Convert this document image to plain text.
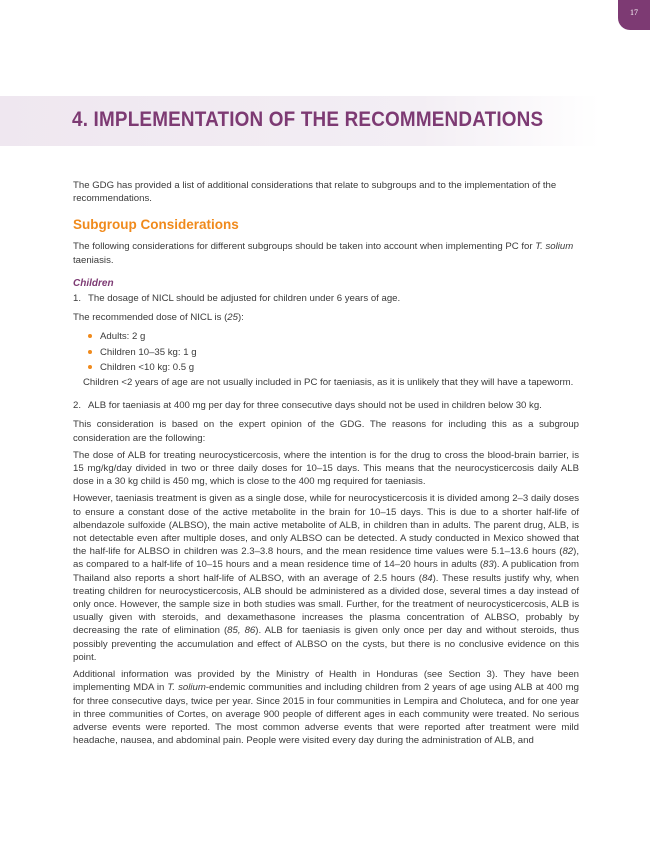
17
4. IMPLEMENTATION OF THE RECOMMENDATIONS

The GDG has provided a list of additional considerations that relate to subgroups and to the implementation of the recommendations.

Subgroup Considerations

The following considerations for different subgroups should be taken into account when implementing PC for T. solium taeniasis.

Children
1. The dosage of NICL should be adjusted for children under 6 years of age.

The recommended dose of NICL is (25):

Adults: 2 g
Children 10–35 kg: 1 g
Children <10 kg: 0.5 g

Children <2 years of age are not usually included in PC for taeniasis, as it is unlikely that they will have a tapeworm.

2. ALB for taeniasis at 400 mg per day for three consecutive days should not be used in children below 30 kg.

This consideration is based on the expert opinion of the GDG. The reasons for including this as a subgroup consideration are the following:

The dose of ALB for treating neurocysticercosis, where the intention is for the drug to cross the blood-brain barrier, is 15 mg/kg/day divided in two or three daily doses for 10–15 days. This means that the neurocysticercosis daily ALB dose in a 30 kg child is 450 mg, which is close to the 400 mg required for taeniasis.

However, taeniasis treatment is given as a single dose, while for neurocysticercosis it is divided among 2–3 daily doses to ensure a constant dose of the active metabolite in the brain for 10–15 days. This is due to a shorter half-life of albendazole sulfoxide (ALBSO), the main active metabolite of ALB, in children than in adults. The parent drug, ALB, is not detectable even after multiple doses, and only ALBSO can be detected. A study conducted in Mexico showed that the half-life for ALBSO in children was 2.3–3.8 hours, and the mean residence time values were 5.1–13.6 hours (82), as compared to a half-life of 10–15 hours and a mean residence time of 14–20 hours in adults (83). A publication from Thailand also reports a short half-life of ALBSO, with an average of 2.5 hours (84). These results justify why, when treating children for neurocysticercosis, ALB should be administered as a divided dose, several times a day instead of only once. However, the sample size in both studies was small. Further, for the treatment of neurocysticercosis, ALB is usually given with steroids, and dexamethasone increases the plasma concentration of ALBSO, probably by decreasing the rate of elimination (85, 86). ALB for taeniasis is given only once per day and without steroids, thus possibly preventing the accumulation and effect of ALBSO on the cysts, but there is no conclusive evidence on this point.

Additional information was provided by the Ministry of Health in Honduras (see Section 3). They have been implementing MDA in T. solium-endemic communities and including children from 2 years of age using ALB at 400 mg for three consecutive days, twice per year. Since 2015 in four communities in Lempira and Choluteca, and for one year in three communities of Cortes, on average 900 people of different ages in each community were treated. No serious adverse events were reported. The most common adverse events that were reported after treatment were mild headache, nausea, and abdominal pain. People were visited every day during the administration of ALB, and
